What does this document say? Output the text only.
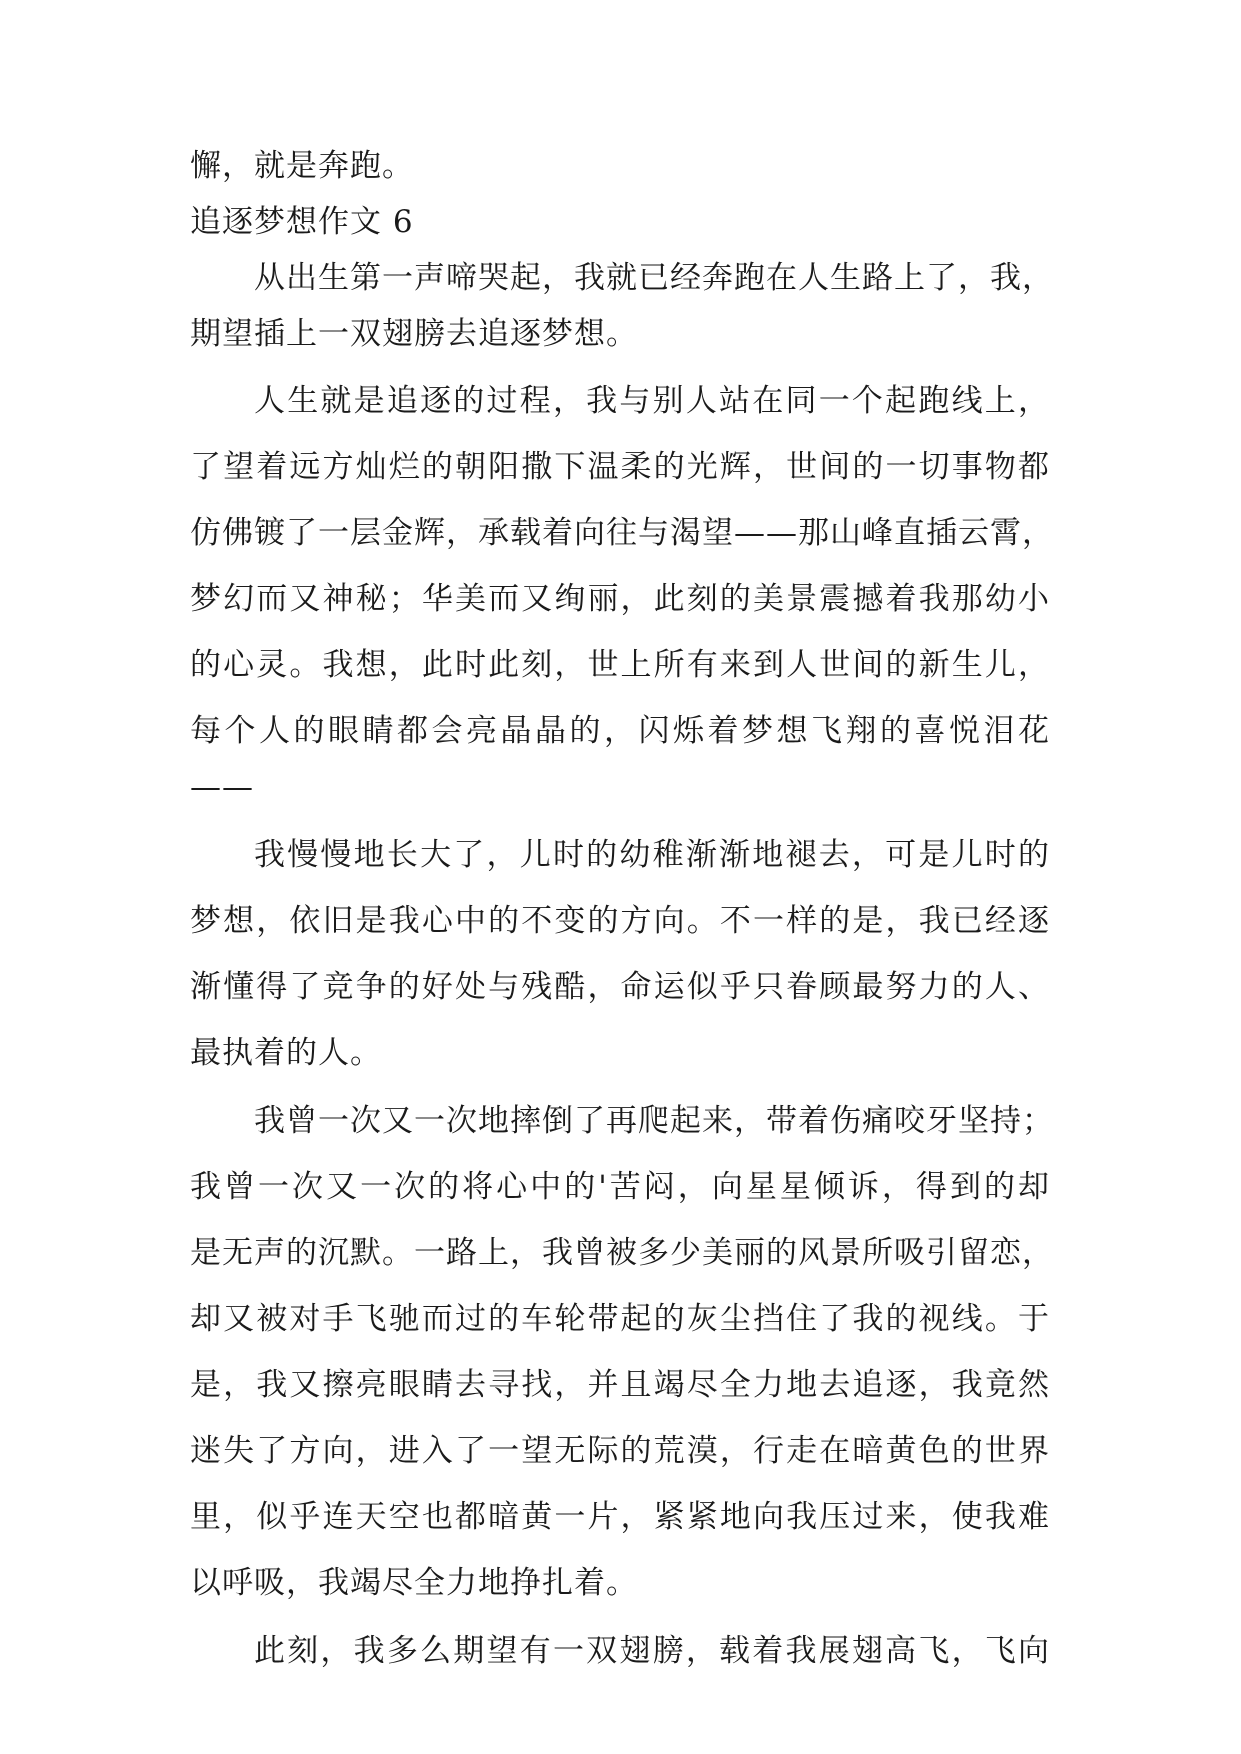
懈，就是奔跑。

追逐梦想作文 6

从出生第一声啼哭起，我就已经奔跑在人生路上了，我，

期望插上一双翅膀去追逐梦想。

人生就是追逐的过程，我与别人站在同一个起跑线上，

了望着远方灿烂的朝阳撒下温柔的光辉，世间的一切事物都

仿佛镀了一层金辉，承载着向往与渴望——那山峰直插云霄，

梦幻而又神秘；华美而又绚丽，此刻的美景震撼着我那幼小

的心灵。我想，此时此刻，世上所有来到人世间的新生儿，

每个人的眼睛都会亮晶晶的，闪烁着梦想飞翔的喜悦泪花

——

我慢慢地长大了，儿时的幼稚渐渐地褪去，可是儿时的

梦想，依旧是我心中的不变的方向。不一样的是，我已经逐

渐懂得了竞争的好处与残酷，命运似乎只眷顾最努力的人、

最执着的人。

我曾一次又一次地摔倒了再爬起来，带着伤痛咬牙坚持；

我曾一次又一次的将心中的'苦闷，向星星倾诉，得到的却

是无声的沉默。一路上，我曾被多少美丽的风景所吸引留恋，

却又被对手飞驰而过的车轮带起的灰尘挡住了我的视线。于

是，我又擦亮眼睛去寻找，并且竭尽全力地去追逐，我竟然

迷失了方向，进入了一望无际的荒漠，行走在暗黄色的世界

里，似乎连天空也都暗黄一片，紧紧地向我压过来，使我难

以呼吸，我竭尽全力地挣扎着。

此刻，我多么期望有一双翅膀，载着我展翅高飞，飞向
